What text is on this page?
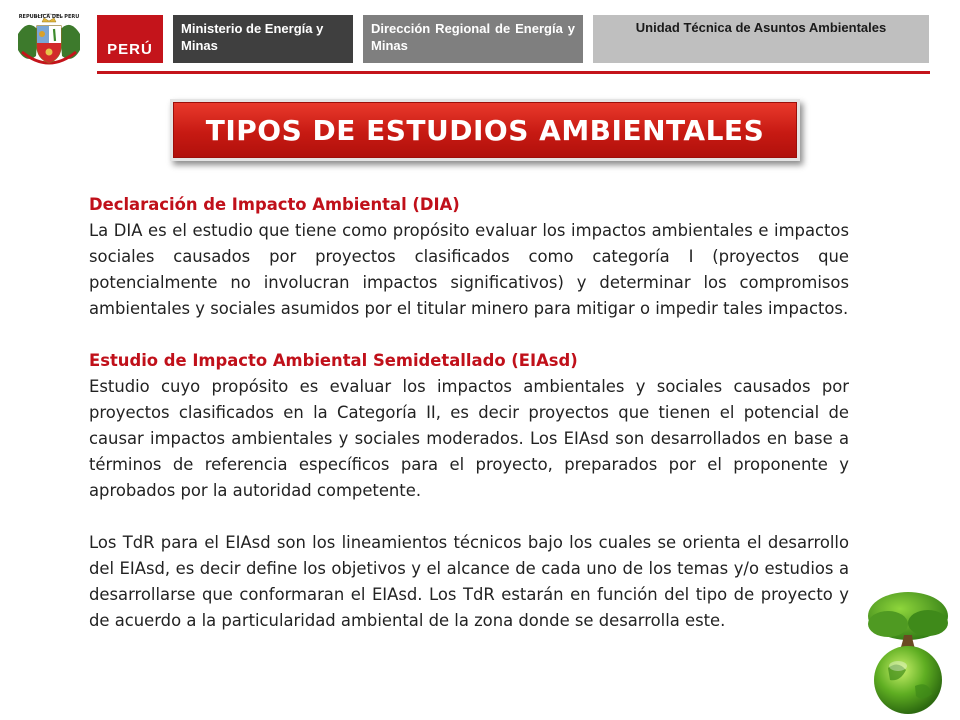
REPUBLICA DEL PERU
PERÚ
Ministerio de Energía y Minas
Dirección Regional de Energía y Minas
Unidad Técnica de Asuntos Ambientales
TIPOS DE ESTUDIOS AMBIENTALES

Declaración de Impacto Ambiental (DIA)

La DIA es el estudio que tiene como propósito evaluar los impactos ambientales e impactos sociales causados por proyectos clasificados como categoría I (proyectos que potencialmente no involucran impactos significativos) y determinar los compromisos ambientales y sociales asumidos por el titular minero para mitigar o impedir tales impactos.

Estudio de Impacto Ambiental Semidetallado (EIAsd)

Estudio cuyo propósito es evaluar los impactos ambientales y sociales causados por proyectos clasificados en la Categoría II, es decir proyectos que tienen el potencial de causar impactos ambientales y sociales moderados. Los EIAsd son desarrollados en base a términos de referencia específicos para el proyecto, preparados por el proponente y aprobados por la autoridad competente.

Los TdR para el EIAsd son los lineamientos técnicos bajo los cuales se orienta el desarrollo del EIAsd, es decir define los objetivos y el alcance de cada uno de los temas y/o estudios a desarrollarse que conformaran el EIAsd. Los TdR estarán en función del tipo de proyecto y de acuerdo a la particularidad ambiental de la zona donde se desarrolla este.
